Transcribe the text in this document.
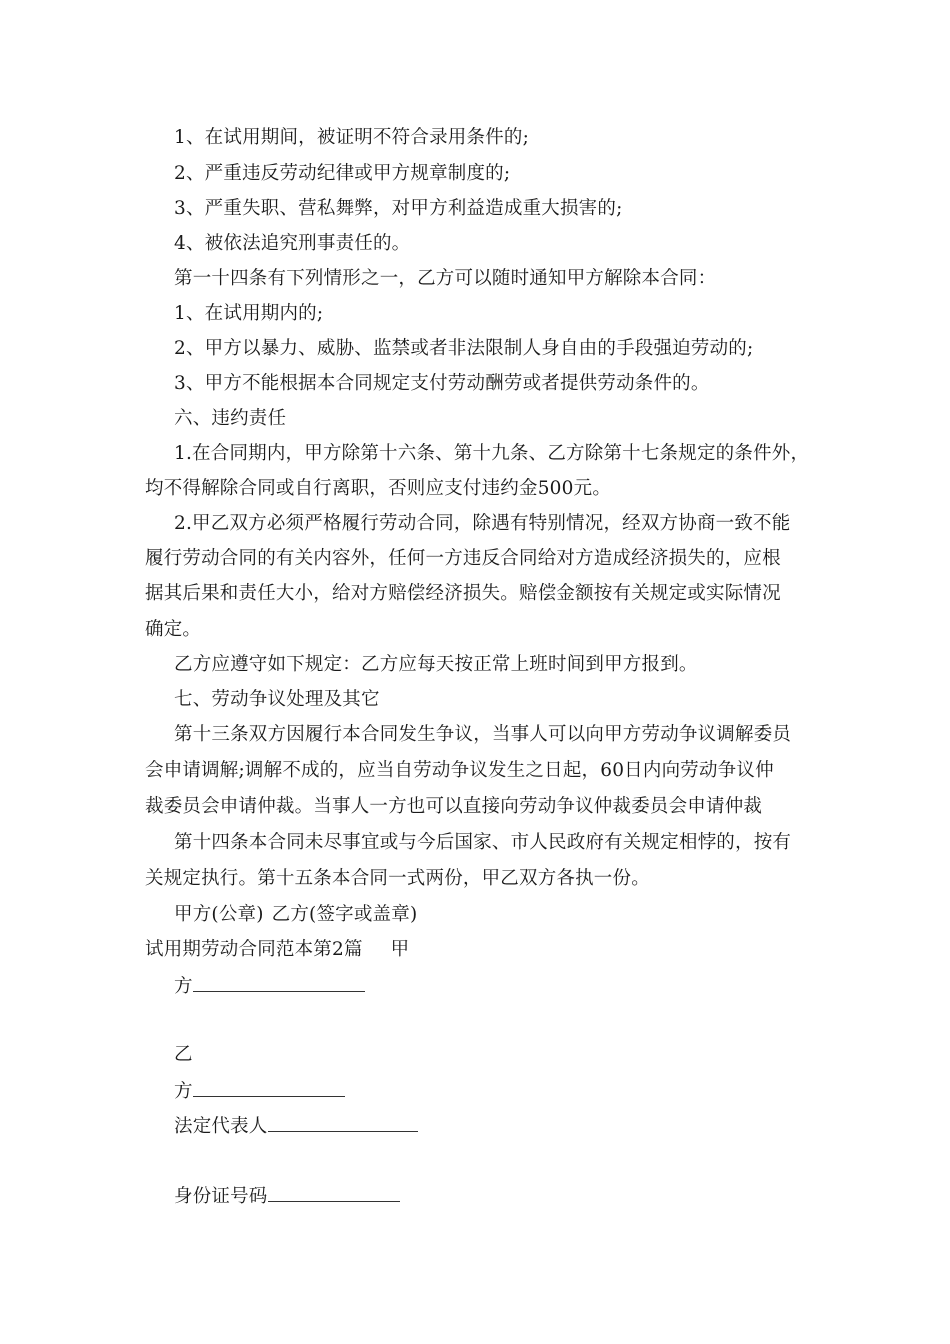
1、在试用期间，被证明不符合录用条件的;
2、严重违反劳动纪律或甲方规章制度的;
3、严重失职、营私舞弊，对甲方利益造成重大损害的;
4、被依法追究刑事责任的。
第一十四条有下列情形之一，乙方可以随时通知甲方解除本合同：
1、在试用期内的;
2、甲方以暴力、威胁、监禁或者非法限制人身自由的手段强迫劳动的;
3、甲方不能根据本合同规定支付劳动酬劳或者提供劳动条件的。
六、违约责任
1.在合同期内，甲方除第十六条、第十九条、乙方除第十七条规定的条件外，
均不得解除合同或自行离职，否则应支付违约金500元。
2.甲乙双方必须严格履行劳动合同，除遇有特别情况，经双方协商一致不能
履行劳动合同的有关内容外，任何一方违反合同给对方造成经济损失的，应根
据其后果和责任大小，给对方赔偿经济损失。赔偿金额按有关规定或实际情况
确定。
乙方应遵守如下规定：乙方应每天按正常上班时间到甲方报到。
七、劳动争议处理及其它
第十三条双方因履行本合同发生争议，当事人可以向甲方劳动争议调解委员
会申请调解;调解不成的，应当自劳动争议发生之日起，60日内向劳动争议仲
裁委员会申请仲裁。当事人一方也可以直接向劳动争议仲裁委员会申请仲裁
第十四条本合同未尽事宜或与今后国家、市人民政府有关规定相悖的，按有
关规定执行。第十五条本合同一式两份，甲乙双方各执一份。
甲方(公章) 乙方(签字或盖章)
试用期劳动合同范本第2篇 甲
方
乙
方
法定代表人
身份证号码
